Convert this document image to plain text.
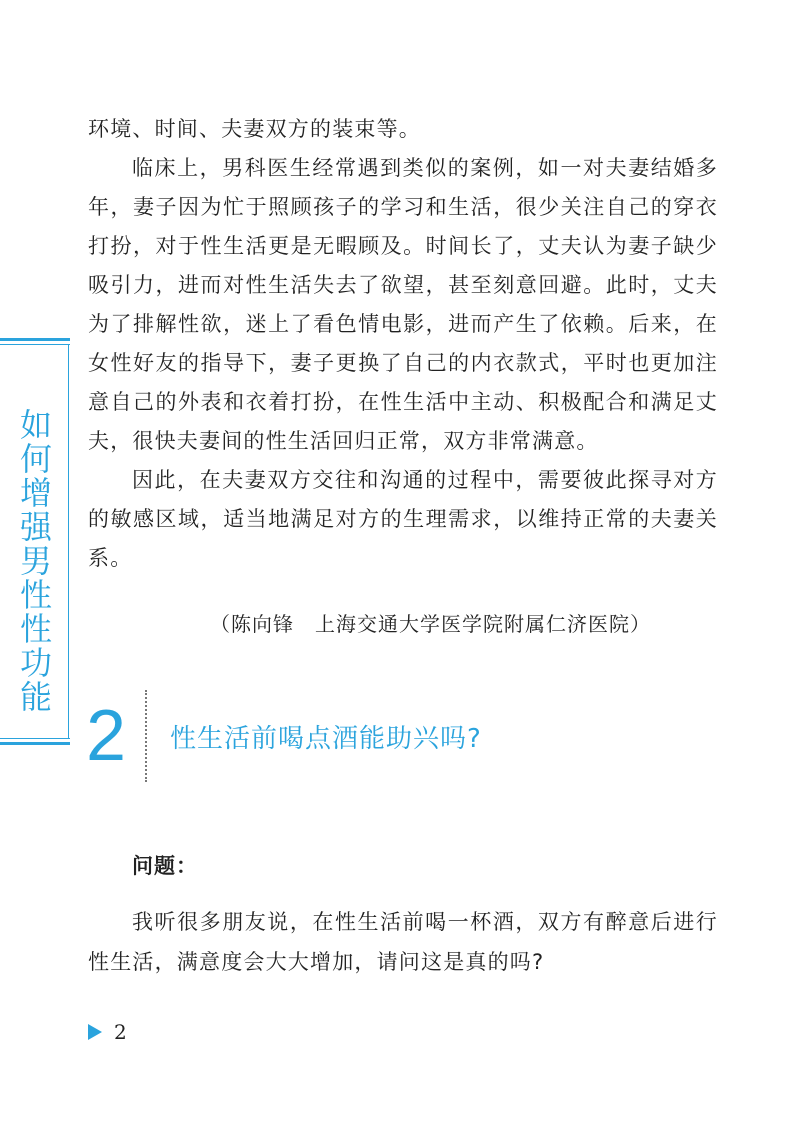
环境、时间、夫妻双方的装束等。

临床上，男科医生经常遇到类似的案例，如一对夫妻结婚多年，妻子因为忙于照顾孩子的学习和生活，很少关注自己的穿衣打扮，对于性生活更是无暇顾及。时间长了，丈夫认为妻子缺少吸引力，进而对性生活失去了欲望，甚至刻意回避。此时，丈夫为了排解性欲，迷上了看色情电影，进而产生了依赖。后来，在女性好友的指导下，妻子更换了自己的内衣款式，平时也更加注意自己的外表和衣着打扮，在性生活中主动、积极配合和满足丈夫，很快夫妻间的性生活回归正常，双方非常满意。

因此，在夫妻双方交往和沟通的过程中，需要彼此探寻对方的敏感区域，适当地满足对方的生理需求，以维持正常的夫妻关系。

（陈向锋　上海交通大学医学院附属仁济医院）
如何增强男性性功能 2 性生活前喝点酒能助兴吗?
问题：

我听很多朋友说，在性生活前喝一杯酒，双方有醉意后进行性生活，满意度会大大增加，请问这是真的吗?

2
